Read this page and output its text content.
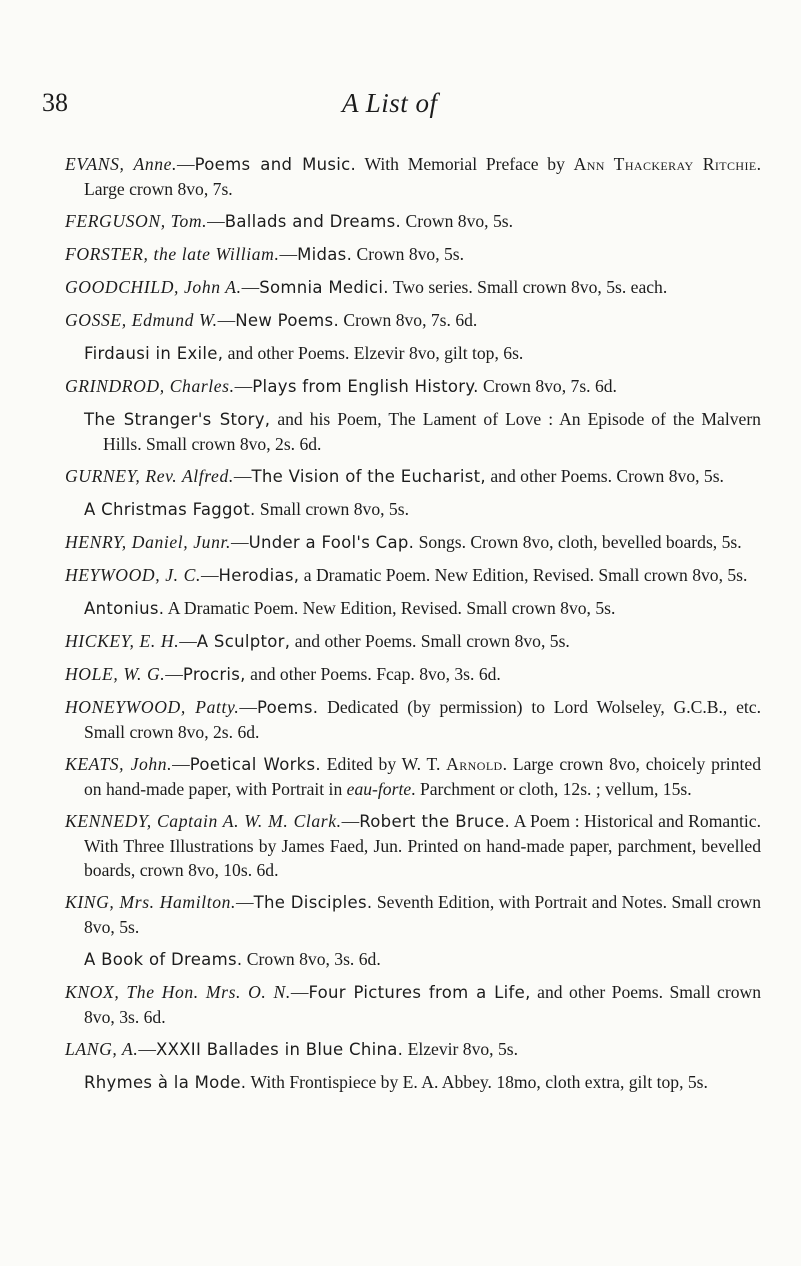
38	A List of
EVANS, Anne.—Poems and Music. With Memorial Preface by Ann Thackeray Ritchie. Large crown 8vo, 7s.
FERGUSON, Tom.—Ballads and Dreams. Crown 8vo, 5s.
FORSTER, the late William.—Midas. Crown 8vo, 5s.
GOODCHILD, John A.—Somnia Medici. Two series. Small crown 8vo, 5s. each.
GOSSE, Edmund W.—New Poems. Crown 8vo, 7s. 6d.
Firdausi in Exile, and other Poems. Elzevir 8vo, gilt top, 6s.
GRINDROD, Charles.—Plays from English History. Crown 8vo, 7s. 6d.
The Stranger's Story, and his Poem, The Lament of Love : An Episode of the Malvern Hills. Small crown 8vo, 2s. 6d.
GURNEY, Rev. Alfred.—The Vision of the Eucharist, and other Poems. Crown 8vo, 5s.
A Christmas Faggot. Small crown 8vo, 5s.
HENRY, Daniel, Junr.—Under a Fool's Cap. Songs. Crown 8vo, cloth, bevelled boards, 5s.
HEYWOOD, J. C.—Herodias, a Dramatic Poem. New Edition, Revised. Small crown 8vo, 5s.
Antonius. A Dramatic Poem. New Edition, Revised. Small crown 8vo, 5s.
HICKEY, E. H.—A Sculptor, and other Poems. Small crown 8vo, 5s.
HOLE, W. G.—Procris, and other Poems. Fcap. 8vo, 3s. 6d.
HONEYWOOD, Patty.—Poems. Dedicated (by permission) to Lord Wolseley, G.C.B., etc. Small crown 8vo, 2s. 6d.
KEATS, John.—Poetical Works. Edited by W. T. Arnold. Large crown 8vo, choicely printed on hand-made paper, with Portrait in eau-forte. Parchment or cloth, 12s. ; vellum, 15s.
KENNEDY, Captain A. W. M. Clark.—Robert the Bruce. A Poem : Historical and Romantic. With Three Illustrations by James Faed, Jun. Printed on hand-made paper, parchment, bevelled boards, crown 8vo, 10s. 6d.
KING, Mrs. Hamilton.—The Disciples. Seventh Edition, with Portrait and Notes. Small crown 8vo, 5s.
A Book of Dreams. Crown 8vo, 3s. 6d.
KNOX, The Hon. Mrs. O. N.—Four Pictures from a Life, and other Poems. Small crown 8vo, 3s. 6d.
LANG, A.—XXXII Ballades in Blue China. Elzevir 8vo, 5s.
Rhymes à la Mode. With Frontispiece by E. A. Abbey. 18mo, cloth extra, gilt top, 5s.
